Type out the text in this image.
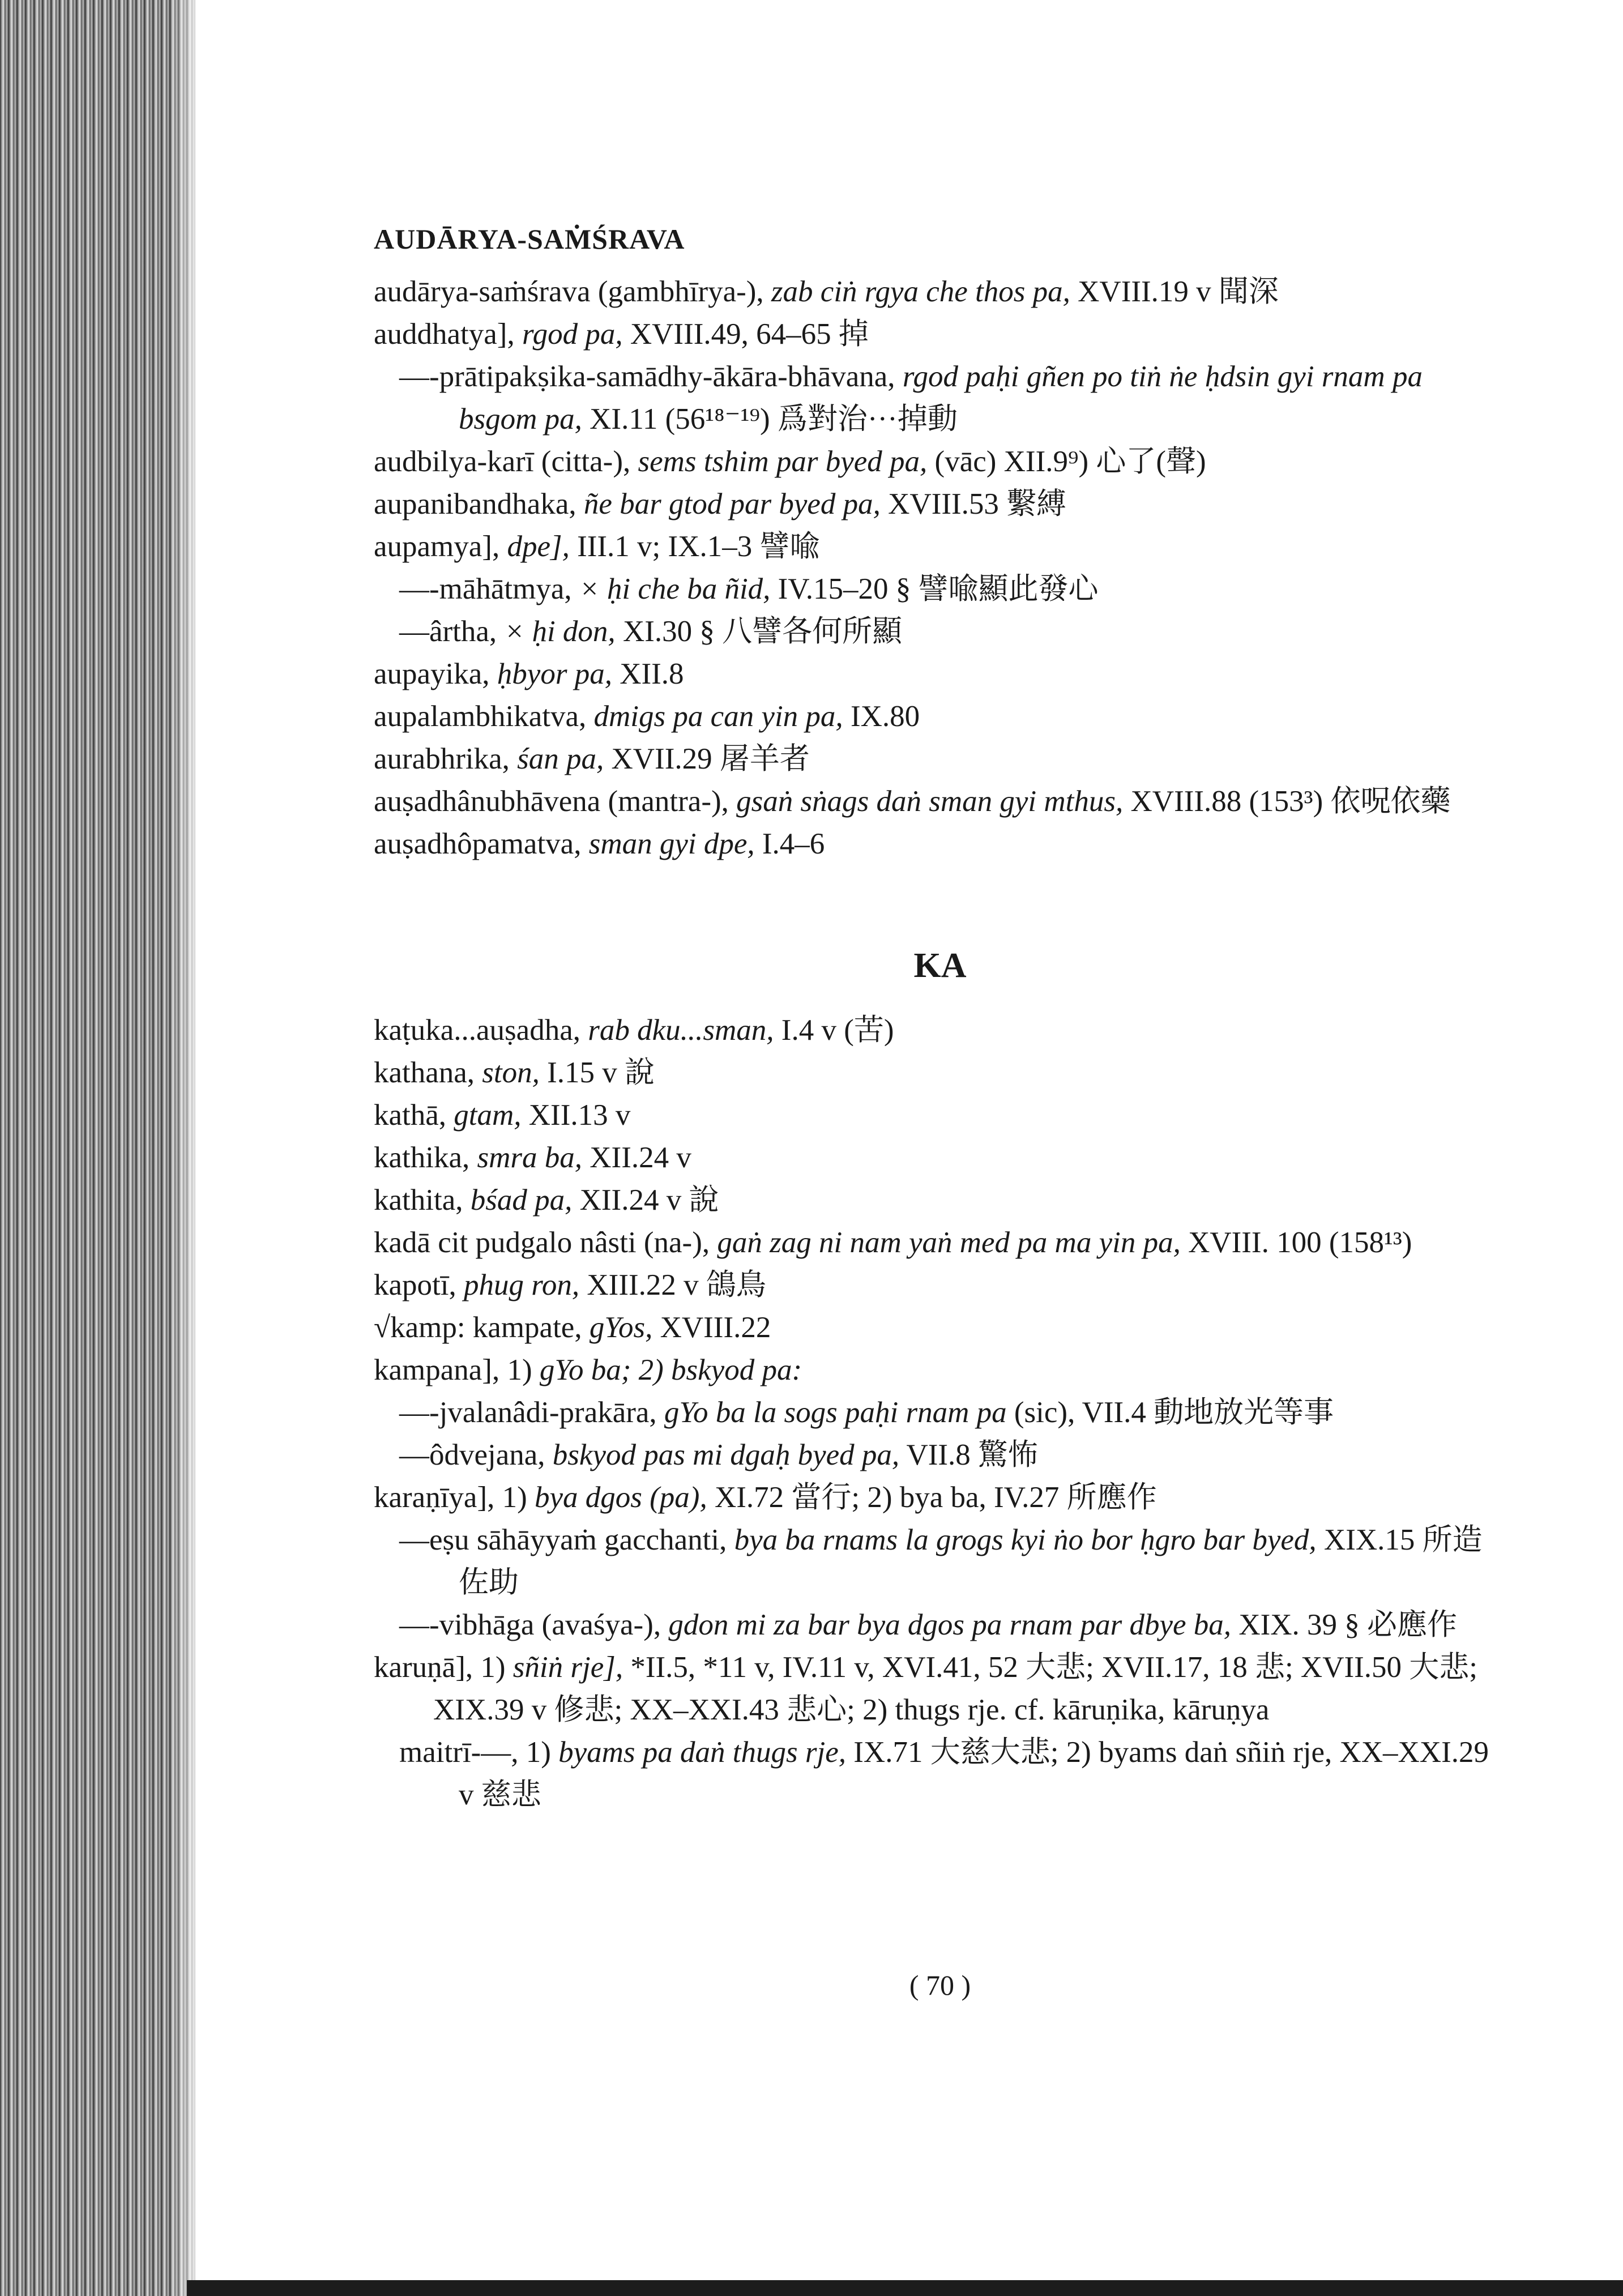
AUDĀRYA-SAṀŚRAVA
audārya-saṁśrava (gambhīrya-), zab ciṅ rgya che thos pa, XVIII.19 v 聞深
auddhatya], rgod pa, XVIII.49, 64–65 掉
—-prātipakṣika-samādhy-ākāra-bhāvana, rgod paḥi gñen po tiṅ ṅe ḥdsin gyi rnam pa bsgom pa, XI.11 (56¹⁸⁻¹⁹) 爲對治···掉動
audbilya-karī (citta-), sems tshim par byed pa, (vāc) XII.9⁹) 心了(聲)
aupanibandhaka, ñe bar gtod par byed pa, XVIII.53 繫縛
aupamya], dpe], III.1 v; IX.1–3 譬喩
—-māhātmya, × ḥi che ba ñid, IV.15–20 § 譬喩顯此發心
—ârtha, × ḥi don, XI.30 § 八譬各何所顯
aupayika, ḥbyor pa, XII.8
aupalambhikatva, dmigs pa can yin pa, IX.80
aurabhrika, śan pa, XVII.29 屠羊者
auṣadhânubhāvena (mantra-), gsaṅ sṅags daṅ sman gyi mthus, XVIII.88 (153³) 依呪依藥
auṣadhôpamatva, sman gyi dpe, I.4–6
KA
kaṭuka...auṣadha, rab dku...sman, I.4 v (苦)
kathana, ston, I.15 v 說
kathā, gtam, XII.13 v
kathika, smra ba, XII.24 v
kathita, bśad pa, XII.24 v 說
kadā cit pudgalo nâsti (na-), gaṅ zag ni nam yaṅ med pa ma yin pa, XVIII. 100 (158¹³)
kapotī, phug ron, XIII.22 v 鴿鳥
√kamp: kampate, gYos, XVIII.22
kampana], 1) gYo ba; 2) bskyod pa:
—-jvalanâdi-prakāra, gYo ba la sogs paḥi rnam pa (sic), VII.4 動地放光等事
—ôdvejana, bskyod pas mi dgaḥ byed pa, VII.8 驚怖
karaṇīya], 1) bya dgos (pa), XI.72 當行; 2) bya ba, IV.27 所應作
—eṣu sāhāyyaṁ gacchanti, bya ba rnams la grogs kyi ṅo bor ḥgro bar byed, XIX.15 所造佐助
—-vibhāga (avaśya-), gdon mi za bar bya dgos pa rnam par dbye ba, XIX. 39 § 必應作
karuṇā], 1) sñiṅ rje], *II.5, *11 v, IV.11 v, XVI.41, 52 大悲; XVII.17, 18 悲; XVII.50 大悲; XIX.39 v 修悲; XX–XXI.43 悲心; 2) thugs rje. cf. kāruṇika, kāruṇya
maitrī-—, 1) byams pa daṅ thugs rje, IX.71 大慈大悲; 2) byams daṅ sñiṅ rje, XX–XXI.29 v 慈悲
( 70 )
